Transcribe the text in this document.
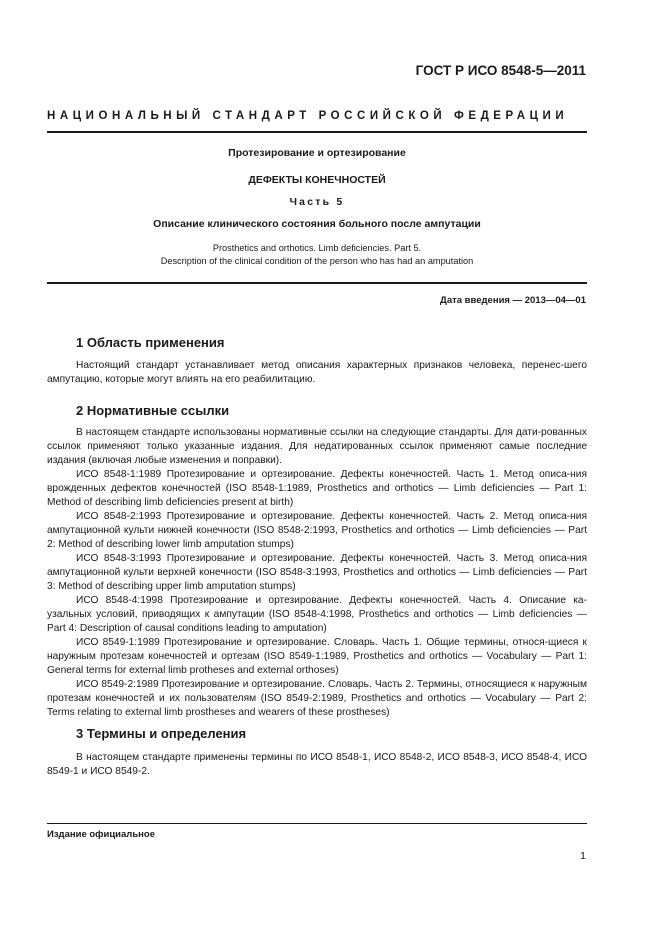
ГОСТ Р ИСО 8548-5—2011
НАЦИОНАЛЬНЫЙ СТАНДАРТ РОССИЙСКОЙ ФЕДЕРАЦИИ
Протезирование и ортезирование
ДЕФЕКТЫ КОНЕЧНОСТЕЙ
Часть 5
Описание клинического состояния больного после ампутации
Prosthetics and orthotics. Limb deficiencies. Part 5.
Description of the clinical condition of the person who has had an amputation
Дата введения — 2013—04—01
1 Область применения

Настоящий стандарт устанавливает метод описания характерных признаков человека, перенес-шего ампутацию, которые могут влиять на его реабилитацию.

2 Нормативные ссылки

В настоящем стандарте использованы нормативные ссылки на следующие стандарты. Для дати-рованных ссылок применяют только указанные издания. Для недатированных ссылок применяют самые последние издания (включая любые изменения и поправки).

ИСО 8548-1:1989 Протезирование и ортезирование. Дефекты конечностей. Часть 1. Метод описа-ния врожденных дефектов конечностей (ISO 8548-1:1989, Prosthetics and orthotics — Limb deficiencies — Part 1: Method of describing limb deficiencies present at birth)

ИСО 8548-2:1993 Протезирование и ортезирование. Дефекты конечностей. Часть 2. Метод описа-ния ампутационной культи нижней конечности (ISO 8548-2:1993, Prosthetics and orthotics — Limb deficiencies — Part 2: Method of describing lower limb amputation stumps)

ИСО 8548-3:1993 Протезирование и ортезирование. Дефекты конечностей. Часть 3. Метод описа-ния ампутационной культи верхней конечности (ISO 8548-3:1993, Prosthetics and orthotics — Limb deficiencies — Part 3: Method of describing upper limb amputation stumps)

ИСО 8548-4:1998 Протезирование и ортезирование. Дефекты конечностей. Часть 4. Описание ка-узальных условий, приводящих к ампутации (ISO 8548-4:1998, Prosthetics and orthotics — Limb deficiencies — Part 4: Description of causal conditions leading to amputation)

ИСО 8549-1:1989 Протезирование и ортезирование. Словарь. Часть 1. Общие термины, относя-щиеся к наружным протезам конечностей и ортезам (ISO 8549-1:1989, Prosthetics and orthotics — Vocabulary — Part 1: General terms for external limb protheses and external orthoses)

ИСО 8549-2:1989 Протезирование и ортезирование. Словарь. Часть 2. Термины, относящиеся к наружным протезам конечностей и их пользователям (ISO 8549-2:1989, Prosthetics and orthotics — Vocabulary — Part 2: Terms relating to external limb prostheses and wearers of these prostheses)

3 Термины и определения

В настоящем стандарте применены термины по ИСО 8548-1, ИСО 8548-2, ИСО 8548-3, ИСО 8548-4, ИСО 8549-1 и ИСО 8549-2.

Издание официальное
1
